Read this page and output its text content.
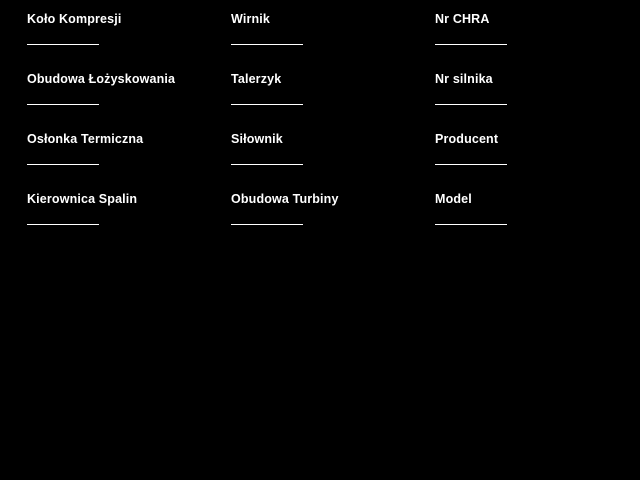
Koło Kompresji	Wirnik	Nr CHRA
Obudowa Łożyskowania	Talerzyk	Nr silnika
Osłonka Termiczna	Siłownik	Producent
Kierownica Spalin	Obudowa Turbiny	Model
